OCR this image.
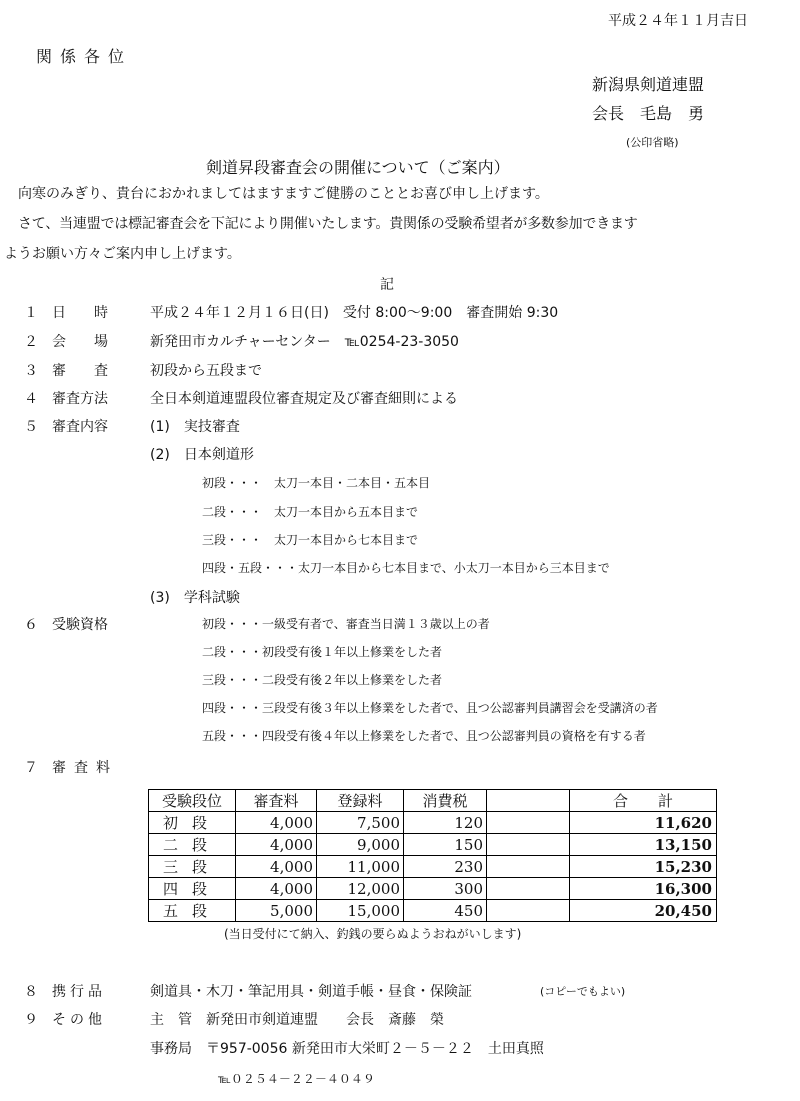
平成２４年１１月吉日
関係各位
新潟県剣道連盟
会長　毛島　勇
(公印省略)
剣道昇段審査会の開催について（ご案内）
向寒のみぎり、貴台におかれましてはますますご健勝のこととお喜び申し上げます。
さて、当連盟では標記審査会を下記により開催いたします。貴関係の受験希望者が多数参加できます
ようお願い方々ご案内申し上げます。
記
１ 日　　時	平成２４年１２月１６日(日)　受付 8:00〜9:00　審査開始 9:30
２ 会　　場	新発田市カルチャーセンター　℡0254-23-3050
３ 審　　査	初段から五段まで
４ 審査方法	全日本剣道連盟段位審査規定及び審査細則による
５ 審査内容	(1)　実技審査
(2)　日本剣道形
初段・・・　太刀一本目・二本目・五本目
二段・・・　太刀一本目から五本目まで
三段・・・　太刀一本目から七本目まで
四段・五段・・・太刀一本目から七本目まで、小太刀一本目から三本目まで
(3)　学科試験
６ 受験資格	初段・・・一級受有者で、審査当日満１３歳以上の者
二段・・・初段受有後１年以上修業をした者
三段・・・二段受有後２年以上修業をした者
四段・・・三段受有後３年以上修業をした者で、且つ公認審判員講習会を受講済の者
五段・・・四段受有後４年以上修業をした者で、且つ公認審判員の資格を有する者
７ 審査料
受験段位	審査料	登録料	消費税		合　　計
初段	4,000	7,500	120		11,620
二段	4,000	9,000	150		13,150
三段	4,000	11,000	230		15,230
四段	4,000	12,000	300		16,300
五段	5,000	15,000	450		20,450
(当日受付にて納入、釣銭の要らぬようおねがいします)
８ 携行品	剣道具・木刀・筆記用具・剣道手帳・昼食・保険証	(コピーでもよい)
９ その他	主　管　新発田市剣道連盟　　会長　斎藤　榮
事務局　〒957-0056 新発田市大栄町２－５－２２　土田真照
℡０２５４－２２－４０４９
